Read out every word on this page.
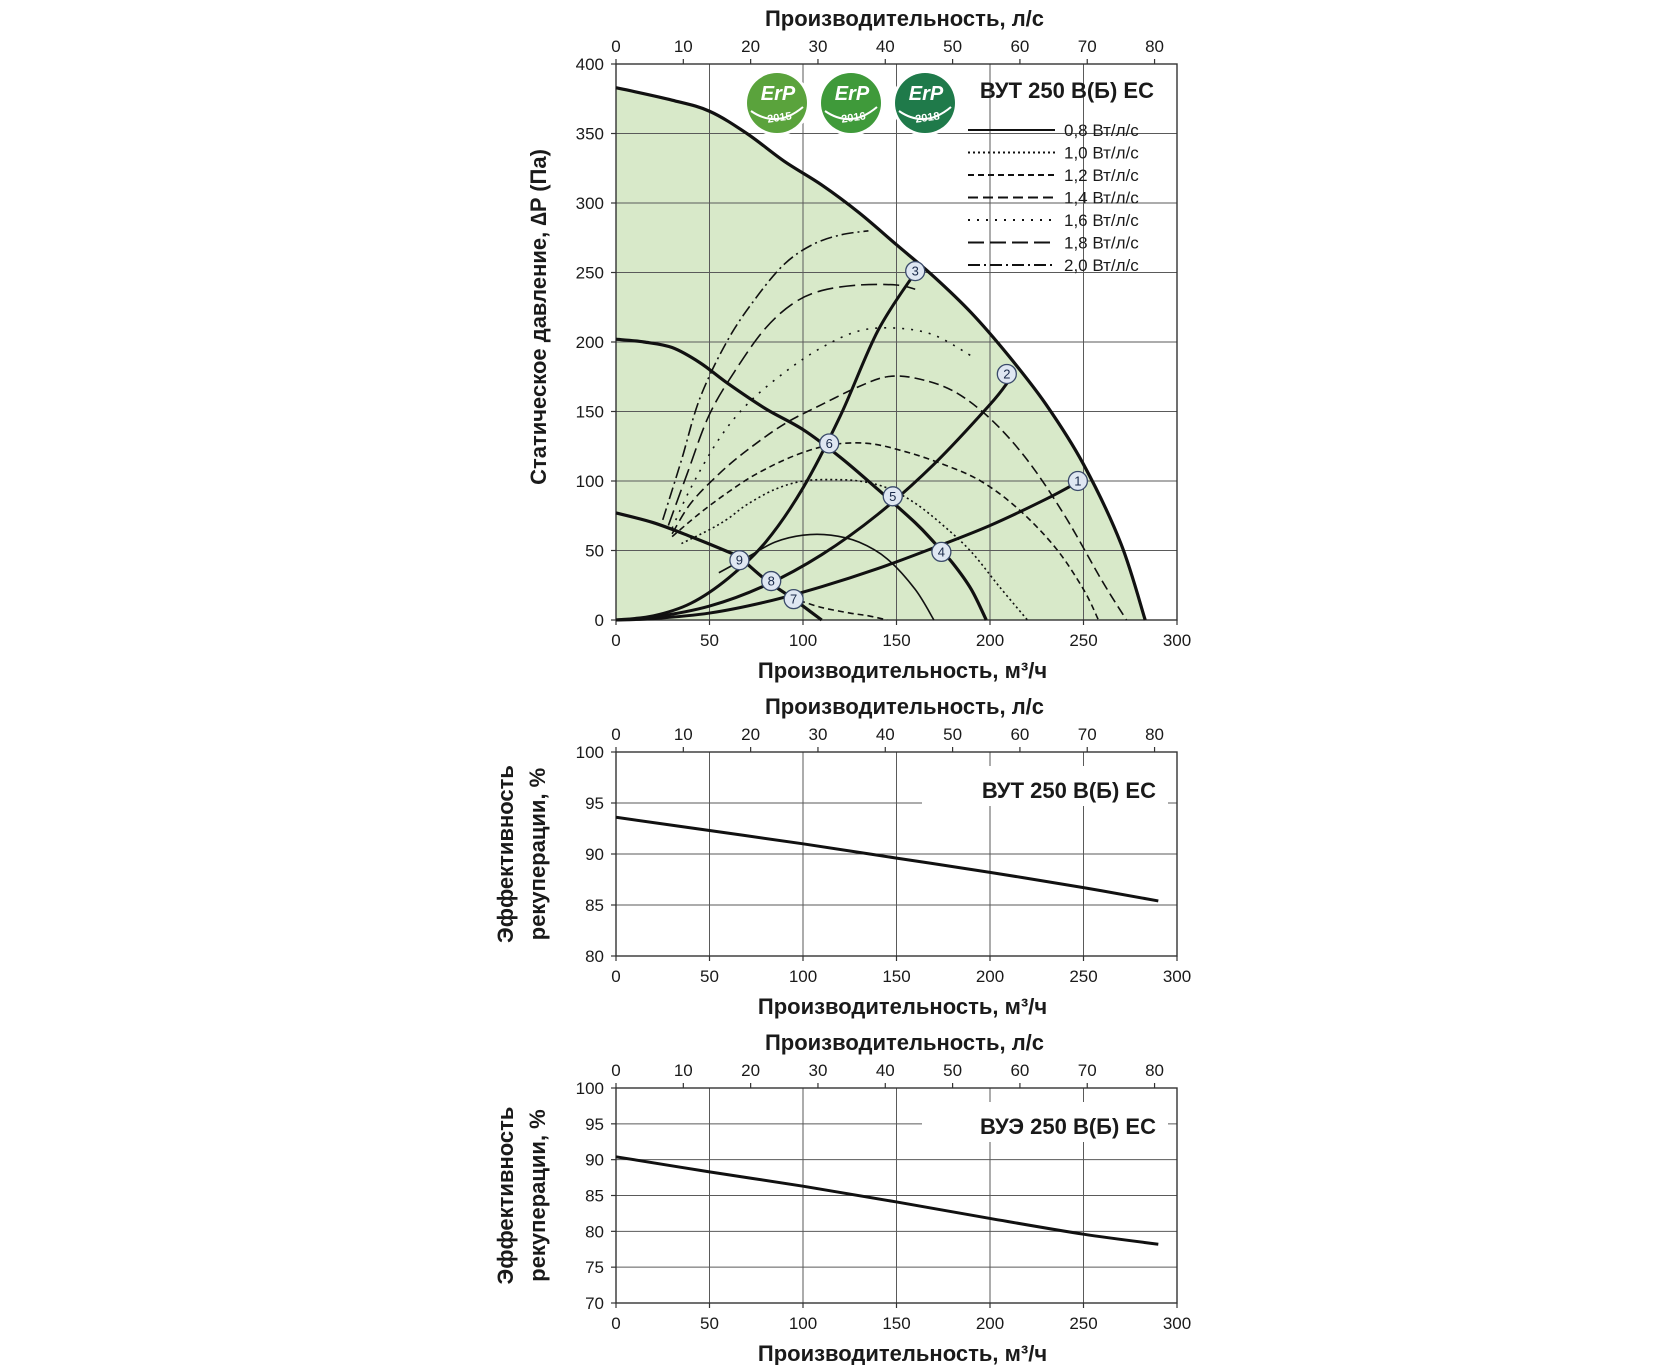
0	50	100	150	200	250	300
0
50
100
150
200
250
300
350
400
0	10	20	30	40	50	60	70	80
Производительность, м³/ч
Производительность, л/с
Статическое давление, ∆P (Па)	1
2
3
4
5
6
7
8
9
ErP
2015
ErP
2016
ErP
2018
ВУТ 250 В(Б) ЕС
0,8 Вт/л/с
1,0 Вт/л/с
1,2 Вт/л/с
1,4 Вт/л/с
1,6 Вт/л/с
1,8 Вт/л/с
2,0 Вт/л/с
0	50	100	150	200	250	300
80
85
90
95
100
0	10	20	30	40	50	60	70	80
Производительность, м³/ч
Производительность, л/с
ВУТ 250 В(Б) ЕС
Эффективность рекуперации, %
0	50	100	150	200	250	300
70
75
80
85
90
95
100
0	10	20	30	40	50	60	70	80
Производительность, м³/ч
Производительность, л/с
ВУЭ 250 В(Б) ЕС
Эффективность рекуперации, %
